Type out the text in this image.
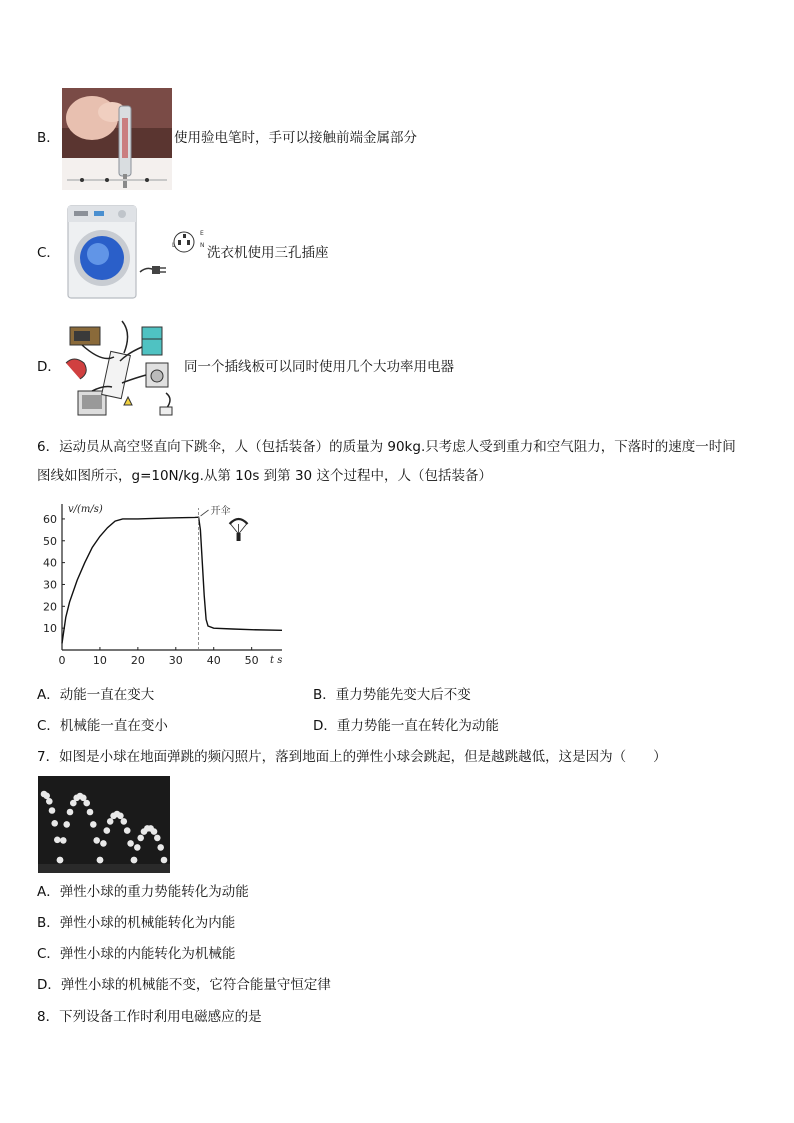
B．	使用验电笔时，手可以接触前端金属部分
C．	L
E
N 洗衣机使用三孔插座
D．	同一个插线板可以同时使用几个大功率用电器
6．运动员从高空竖直向下跳伞，人（包括装备）的质量为 90kg.只考虑人受到重力和空气阻力，下落时的速度一时间
图线如图所示，g=10N/kg.从第 10s 到第 30 这个过程中，人（包括装备）
v/(m/s)
t s
0 10 20 30 40 50
10
20
30
40
50
60
开伞
A．动能一直在变大	B．重力势能先变大后不变
C．机械能一直在变小	D．重力势能一直在转化为动能
7．如图是小球在地面弹跳的频闪照片，落到地面上的弹性小球会跳起，但是越跳越低，这是因为（　　）
A．弹性小球的重力势能转化为动能
B．弹性小球的机械能转化为内能
C．弹性小球的内能转化为机械能
D．弹性小球的机械能不变，它符合能量守恒定律
8．下列设备工作时利用电磁感应的是
